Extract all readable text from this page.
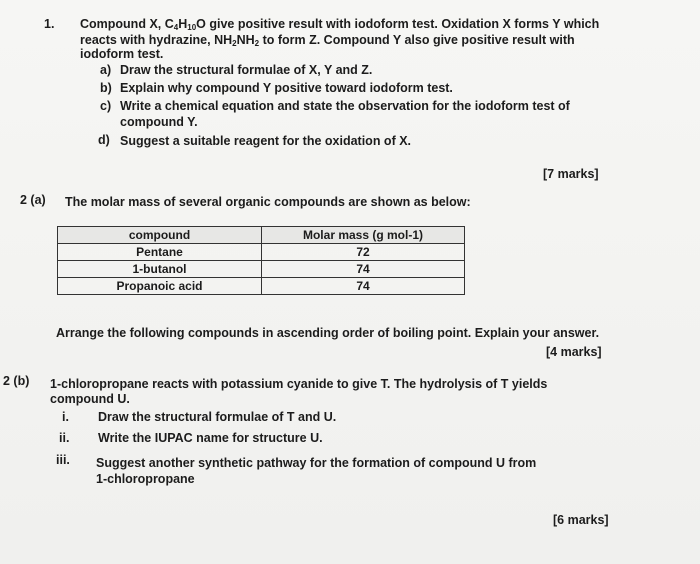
1. Compound X, $C_4H_{10}O$ give positive result with iodoform test. Oxidation X forms Y which
reacts with hydrazine, $NH_2NH_2$ to form Z. Compound Y also give positive result with
iodoform test.
a) Draw the structural formulae of X, Y and Z.
b) Explain why compound Y positive toward iodoform test.
c) Write a chemical equation and state the observation for the iodoform test of
compound Y.
d) Suggest a suitable reagent for the oxidation of X.
[7 marks]
2 (a) The molar mass of several organic compounds are shown as below:
compound	Molar mass (g mol-1)
Pentane	72
1-butanol	74
Propanoic acid	74
Arrange the following compounds in ascending order of boiling point. Explain your answer.
[4 marks]
2 (b) 1-chloropropane reacts with potassium cyanide to give T. The hydrolysis of T yields
compound U.
i. Draw the structural formulae of T and U.
ii. Write the IUPAC name for structure U.
iii. Suggest another synthetic pathway for the formation of compound U from
1-chloropropane
[6 marks]
